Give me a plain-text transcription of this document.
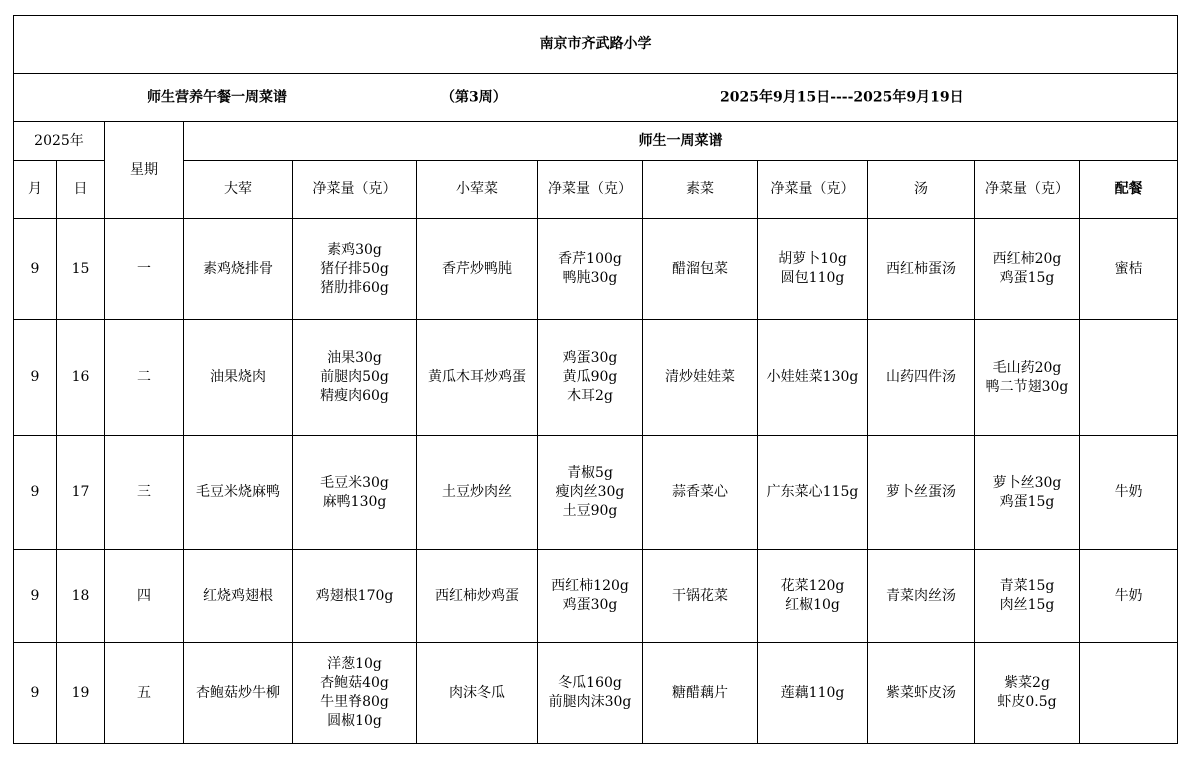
南京市齐武路小学											

师生营养午餐一周菜谱 （第3周） 2025年9月15日----2025年9月19日											

2025年		星期	师生一周菜谱								
月	日		大荤	净菜量（克）	小荤菜	净菜量（克）	素菜	净菜量（克）	汤	净菜量（克）	配餐
9	15	一	素鸡烧排骨	素鸡30g
猪仔排50g
猪肋排60g	香芹炒鸭肫	香芹100g
鸭肫30g	醋溜包菜	胡萝卜10g
圆包110g	西红柿蛋汤	西红柿20g
鸡蛋15g	蜜桔
9	16	二	油果烧肉	油果30g
前腿肉50g
精瘦肉60g	黄瓜木耳炒鸡蛋	鸡蛋30g
黄瓜90g
木耳2g	清炒娃娃菜	小娃娃菜130g	山药四件汤	毛山药20g
鸭二节翅30g	

9	17	三	毛豆米烧麻鸭	毛豆米30g
麻鸭130g	土豆炒肉丝	青椒5g
瘦肉丝30g
土豆90g	蒜香菜心	广东菜心115g	萝卜丝蛋汤	萝卜丝30g
鸡蛋15g	牛奶
9	18	四	红烧鸡翅根	鸡翅根170g	西红柿炒鸡蛋	西红柿120g
鸡蛋30g	干锅花菜	花菜120g
红椒10g	青菜肉丝汤	青菜15g
肉丝15g	牛奶
9	19	五	杏鲍菇炒牛柳	洋葱10g
杏鲍菇40g
牛里脊80g
圆椒10g	肉沫冬瓜	冬瓜160g
前腿肉沫30g	糖醋藕片	莲藕110g	紫菜虾皮汤	紫菜2g
虾皮0.5g	
